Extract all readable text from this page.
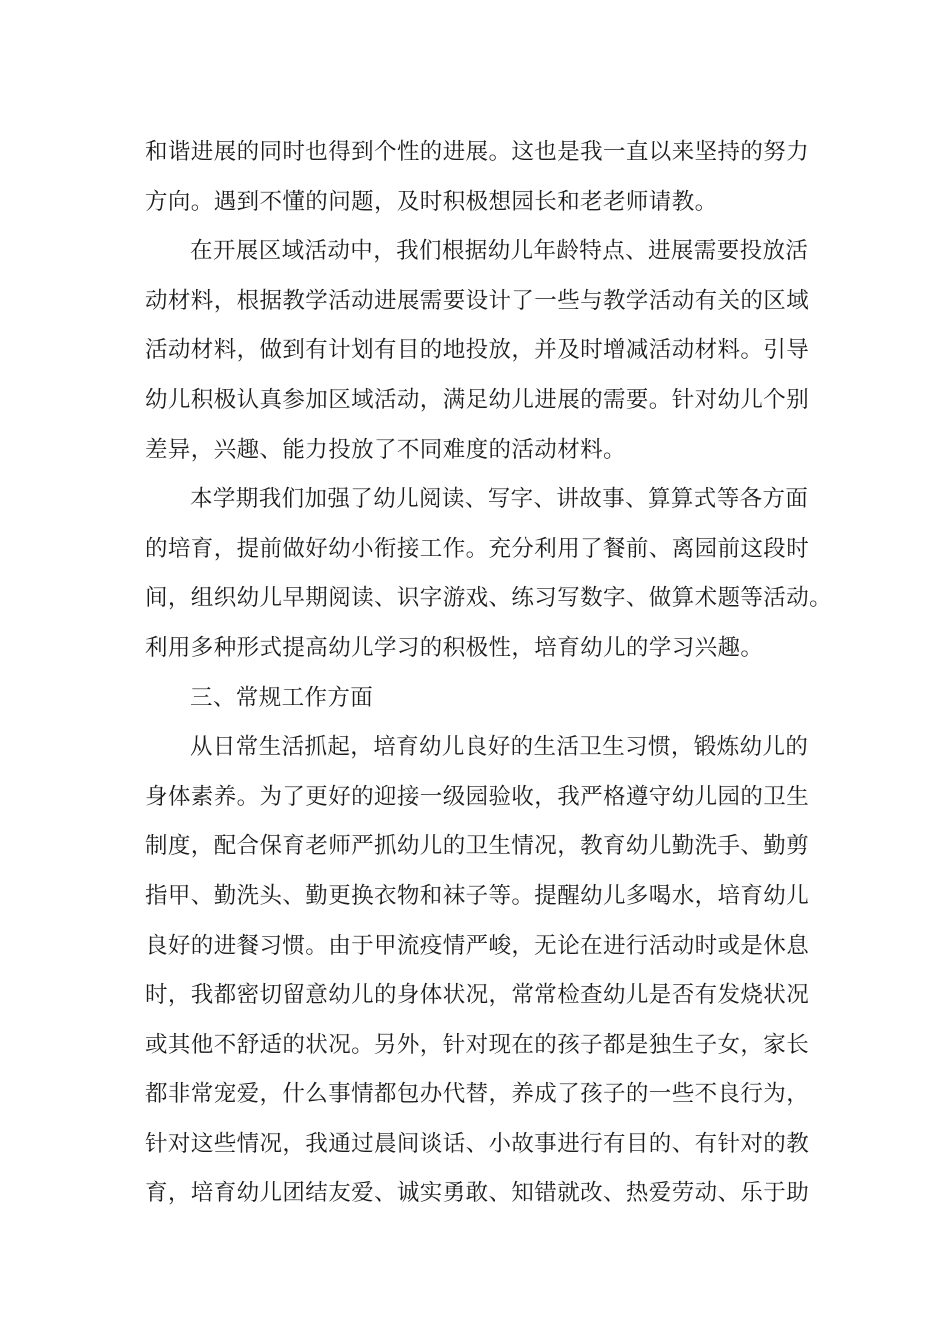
和谐进展的同时也得到个性的进展。这也是我一直以来坚持的努力
方向。遇到不懂的问题，及时积极想园长和老老师请教。
在开展区域活动中，我们根据幼儿年龄特点、进展需要投放活
动材料，根据教学活动进展需要设计了一些与教学活动有关的区域
活动材料，做到有计划有目的地投放，并及时增减活动材料。引导
幼儿积极认真参加区域活动，满足幼儿进展的需要。针对幼儿个别
差异，兴趣、能力投放了不同难度的活动材料。
本学期我们加强了幼儿阅读、写字、讲故事、算算式等各方面
的培育，提前做好幼小衔接工作。充分利用了餐前、离园前这段时
间，组织幼儿早期阅读、识字游戏、练习写数字、做算术题等活动。
利用多种形式提高幼儿学习的积极性，培育幼儿的学习兴趣。
三、常规工作方面
从日常生活抓起，培育幼儿良好的生活卫生习惯，锻炼幼儿的
身体素养。为了更好的迎接一级园验收，我严格遵守幼儿园的卫生
制度，配合保育老师严抓幼儿的卫生情况，教育幼儿勤洗手、勤剪
指甲、勤洗头、勤更换衣物和袜子等。提醒幼儿多喝水，培育幼儿
良好的进餐习惯。由于甲流疫情严峻，无论在进行活动时或是休息
时，我都密切留意幼儿的身体状况，常常检查幼儿是否有发烧状况
或其他不舒适的状况。另外，针对现在的孩子都是独生子女，家长
都非常宠爱，什么事情都包办代替，养成了孩子的一些不良行为，
针对这些情况，我通过晨间谈话、小故事进行有目的、有针对的教
育，培育幼儿团结友爱、诚实勇敢、知错就改、热爱劳动、乐于助
